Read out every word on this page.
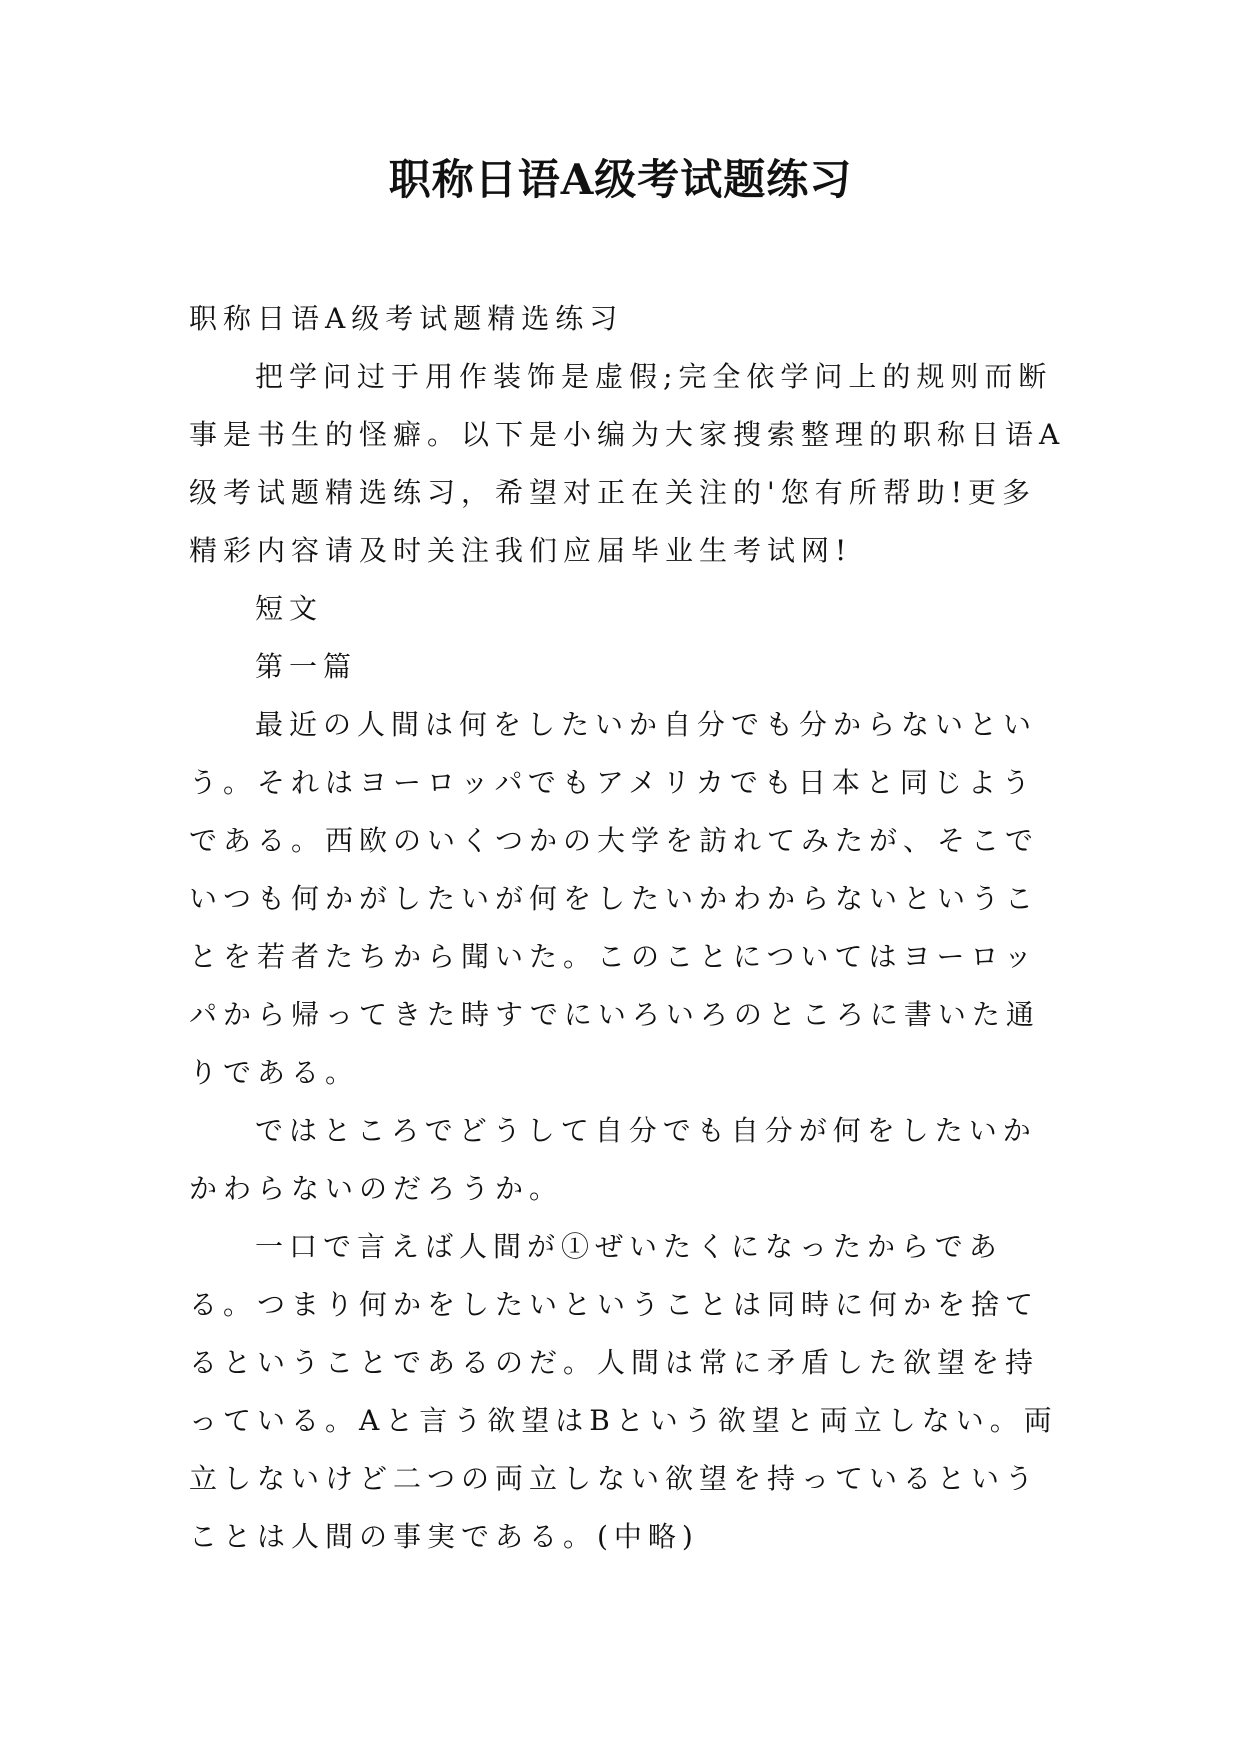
职称日语A级考试题练习

职称日语A级考试题精选练习

把学问过于用作装饰是虚假;完全依学问上的规则而断事是书生的怪癖。以下是小编为大家搜索整理的职称日语A级考试题精选练习，希望对正在关注的'您有所帮助!更多精彩内容请及时关注我们应届毕业生考试网!

短文

第一篇

最近の人間は何をしたいか自分でも分からないという。それはヨーロッパでもアメリカでも日本と同じようである。西欧のいくつかの大学を訪れてみたが、そこでいつも何かがしたいが何をしたいかわからないということを若者たちから聞いた。このことについてはヨーロッパから帰ってきた時すでにいろいろのところに書いた通りである。

ではところでどうして自分でも自分が何をしたいかかわらないのだろうか。

一口で言えば人間が①ぜいたくになったからである。つまり何かをしたいということは同時に何かを捨てるということであるのだ。人間は常に矛盾した欲望を持っている。Aと言う欲望はBという欲望と両立しない。両立しないけど二つの両立しない欲望を持っているということは人間の事実である。(中略)
